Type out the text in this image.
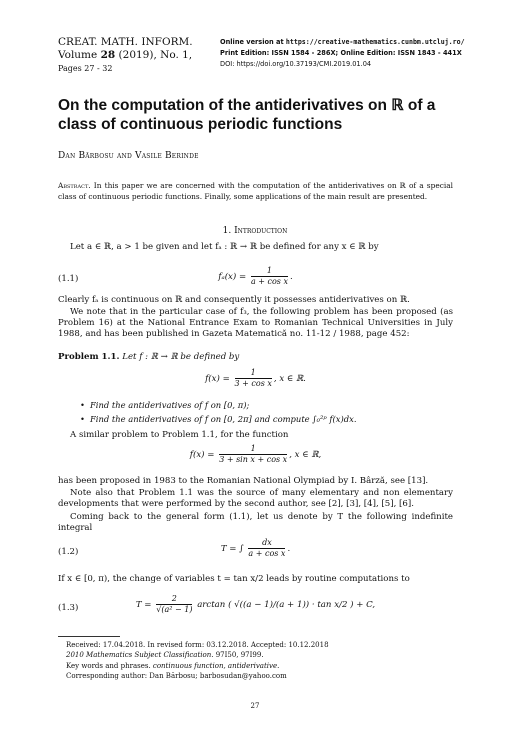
CREAT. MATH. INFORM.
Volume 28 (2019), No. 1,
Pages 27 - 32
Online version at https://creative-mathematics.cunbm.utcluj.ro/
Print Edition: ISSN 1584 - 286X; Online Edition: ISSN 1843 - 441X
DOI: https://doi.org/10.37193/CMI.2019.01.04
On the computation of the antiderivatives on ℝ of a class of continuous periodic functions
Dan Bărbosu and Vasile Berinde
Abstract. In this paper we are concerned with the computation of the antiderivatives on ℝ of a special class of continuous periodic functions. Finally, some applications of the main result are presented.
1. Introduction
Let a ∈ ℝ, a > 1 be given and let fₐ : ℝ → ℝ be defined for any x ∈ ℝ by
(1.1)	$f_a(x) = \frac{1}{\text{a + cos x}}$ .
Clearly fₐ is continuous on ℝ and consequently it possesses antiderivatives on ℝ.
We note that in the particular case of f₃, the following problem has been proposed (as Problem 16) at the National Entrance Exam to Romanian Technical Universities in July 1988, and has been published in Gazeta Matematică no. 11-12 / 1988, page 452:
Problem 1.1. Let f : ℝ → ℝ be defined by
$f(x) = \frac{1}{\text{3 + cos x}}$ , x ∈ ℝ.
• Find the antiderivatives of f on [0, π);
• Find the antiderivatives of f on [0, 2π] and compute ∫₀²ᵖ f(x)dx.
A similar problem to Problem 1.1, for the function
$f(x) = \frac{1}{\text{3 + sin x + cos x}}$ , x ∈ ℝ,
has been proposed in 1983 to the Romanian National Olympiad by I. Bârză, see [13].
Note also that Problem 1.1 was the source of many elementary and non elementary developments that were performed by the second author, see [2], [3], [4], [5], [6].
Coming back to the general form (1.1), let us denote by T the following indefinite integral
(1.2)	T = ∫ $\frac{dx}{\text{a + cos x}}$ .
If x ∈ [0, π), the change of variables t = tan x/2 leads by routine computations to
(1.3)	$T = \frac{2}{\text{√(a² − 1)}}$ arctan ( √((a − 1)/(a + 1)) · tan x/2 ) + C,
Received: 17.04.2018. In revised form: 03.12.2018. Accepted: 10.12.2018
2010 Mathematics Subject Classification. 97I50, 97I99.
Key words and phrases. continuous function, antiderivative.
Corresponding author: Dan Bărbosu; barbosudan@yahoo.com
27
